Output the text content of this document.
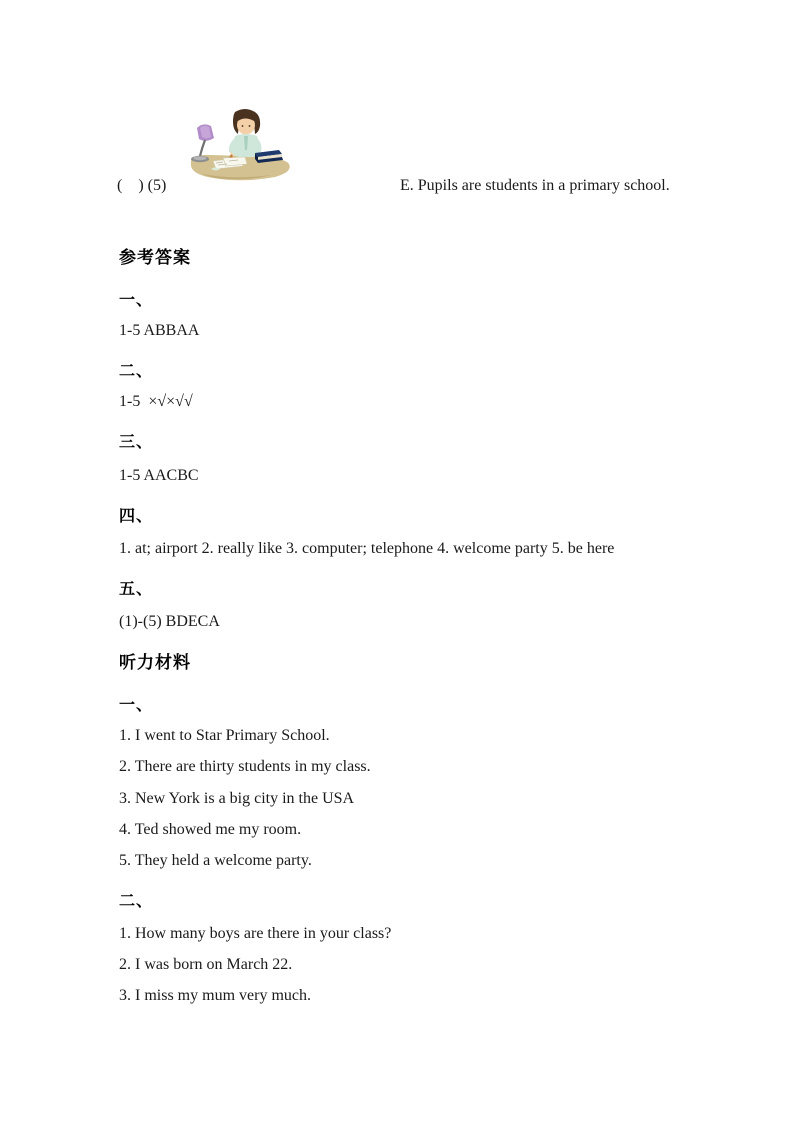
(    ) (5)	E. Pupils are students in a primary school.
参考答案
一、
1-5 ABBAA
二、
1-5  ×√×√√
三、
1-5 AACBC
四、
1. at; airport 2. really like 3. computer; telephone 4. welcome party 5. be here
五、
(1)-(5) BDECA
听力材料
一、
1. I went to Star Primary School.
2. There are thirty students in my class.
3. New York is a big city in the USA
4. Ted showed me my room.
5. They held a welcome party.
二、
1. How many boys are there in your class?
2. I was born on March 22.
3. I miss my mum very much.
